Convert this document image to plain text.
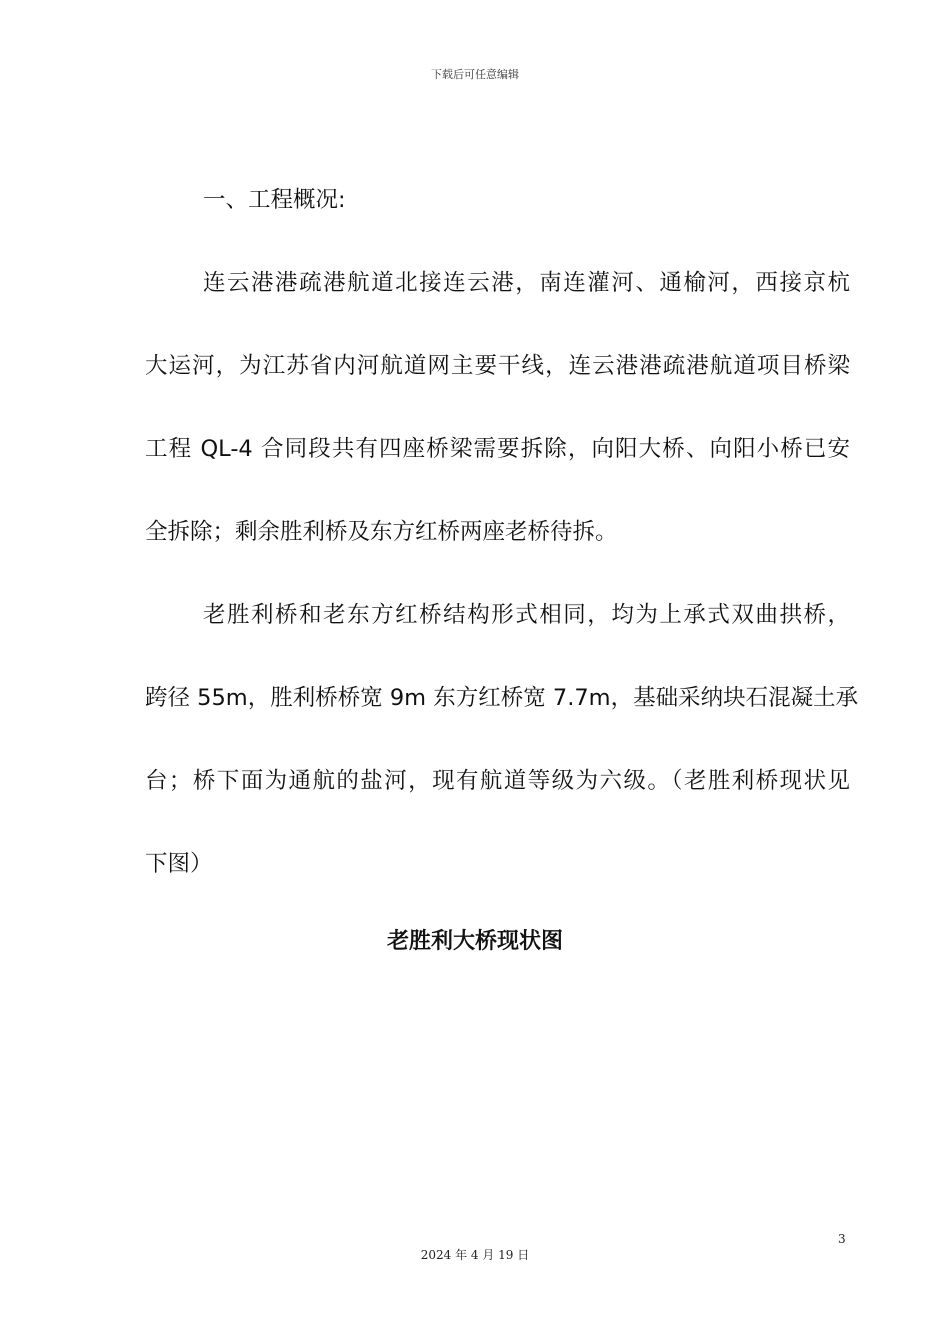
下载后可任意编辑
一、工程概况:
连云港港疏港航道北接连云港，南连灌河、通榆河，西接京杭
大运河，为江苏省内河航道网主要干线，连云港港疏港航道项目桥梁
工程 QL-4 合同段共有四座桥梁需要拆除，向阳大桥、向阳小桥已安
全拆除；剩余胜利桥及东方红桥两座老桥待拆。
老胜利桥和老东方红桥结构形式相同，均为上承式双曲拱桥，
跨径 55m，胜利桥桥宽 9m 东方红桥宽 7.7m，基础采纳块石混凝土承
台；桥下面为通航的盐河，现有航道等级为六级。（老胜利桥现状见
下图）
老胜利大桥现状图
3
2024 年 4 月 19 日
